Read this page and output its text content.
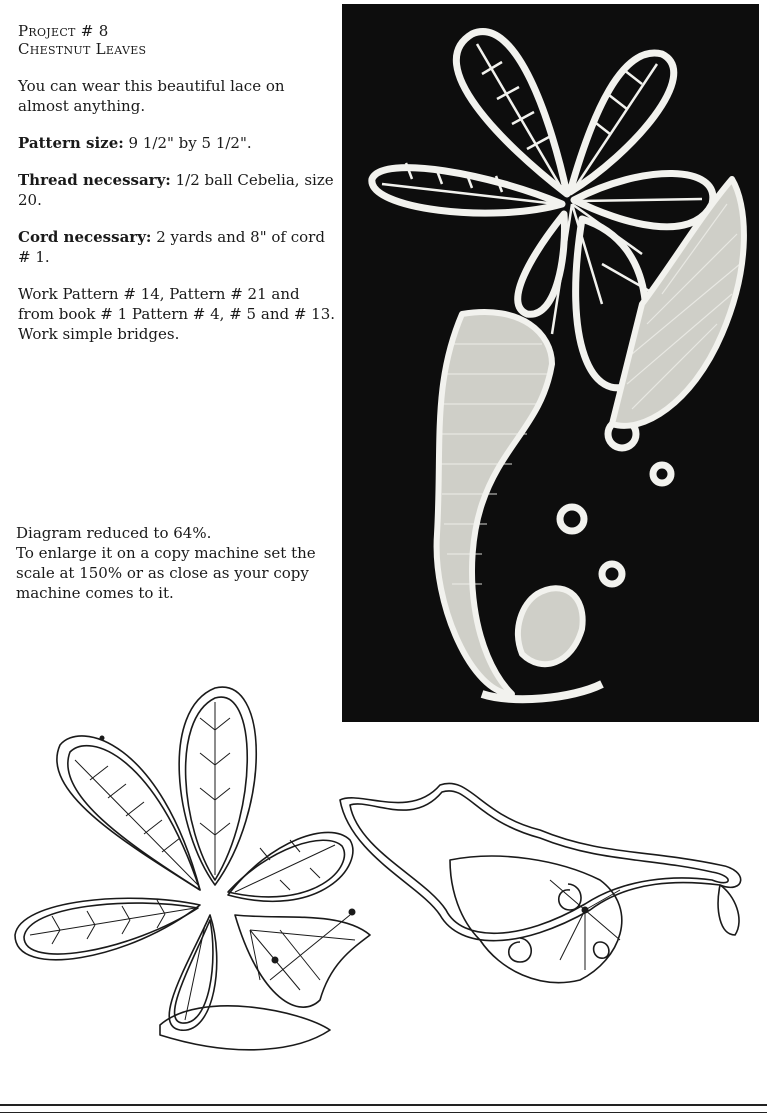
Project # 8
Chestnut Leaves

You can wear this beautiful lace on almost anything.

Pattern size: 9 1/2" by 5 1/2".

Thread necessary: 1/2 ball Cebelia, size 20.

Cord necessary: 2 yards and 8" of cord # 1.

Work Pattern # 14, Pattern # 21 and from book # 1 Pattern # 4, # 5 and # 13. Work simple bridges.

Diagram reduced to 64%.
To enlarge it on a copy machine set the scale at 150% or as close as your copy machine comes to it.
